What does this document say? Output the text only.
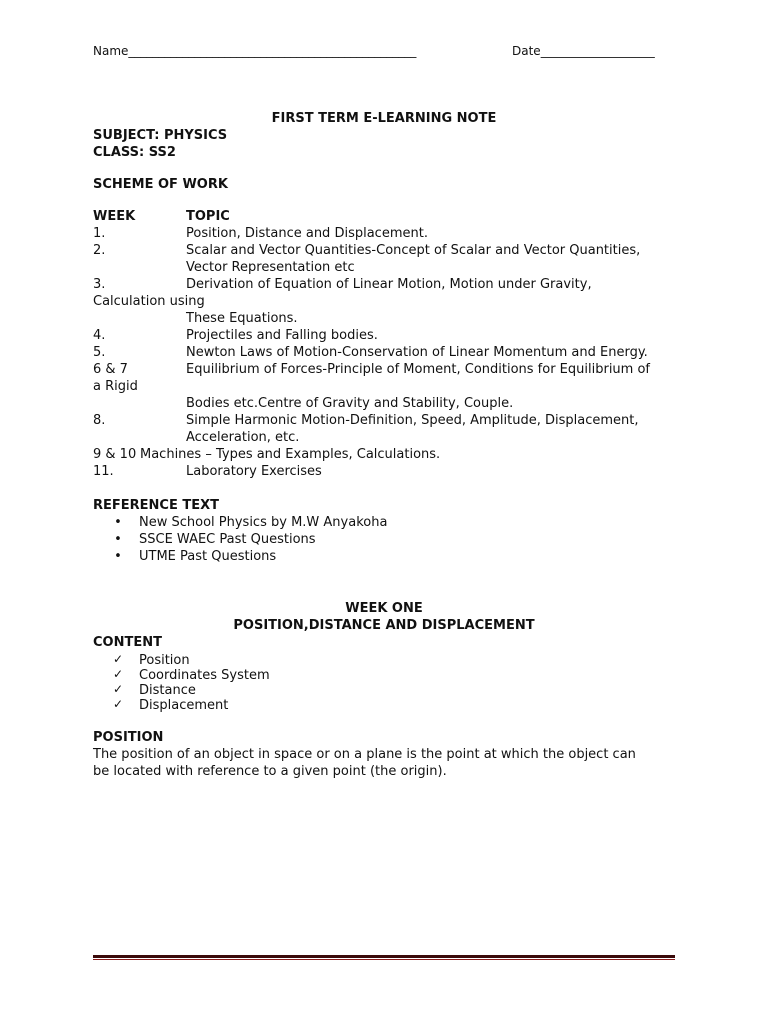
Name________________________________________________	Date___________________
FIRST TERM E-LEARNING NOTE
SUBJECT: PHYSICS
CLASS: SS2
SCHEME OF WORK
WEEK	TOPIC
1.	Position, Distance and Displacement.
2.	Scalar and Vector Quantities-Concept of Scalar and Vector Quantities,
Vector Representation etc
3.	Derivation of Equation of Linear Motion, Motion under Gravity,
Calculation using
These Equations.
4.	Projectiles and Falling bodies.
5.	Newton Laws of Motion-Conservation of Linear Momentum and Energy.
6 & 7	Equilibrium of Forces-Principle of Moment, Conditions for Equilibrium of
a Rigid
Bodies etc.Centre of Gravity and Stability, Couple.
8.	Simple Harmonic Motion-Definition, Speed, Amplitude, Displacement,
Acceleration, etc.
9 & 10 Machines – Types and Examples, Calculations.
11.	Laboratory Exercises
REFERENCE TEXT
• New School Physics by M.W Anyakoha
• SSCE WAEC Past Questions
• UTME Past Questions
WEEK ONE
POSITION,DISTANCE AND DISPLACEMENT
CONTENT
✓	Position
✓	Coordinates System
✓	Distance
✓	Displacement
POSITION
The position of an object in space or on a plane is the point at which the object can
be located with reference to a given point (the origin).
